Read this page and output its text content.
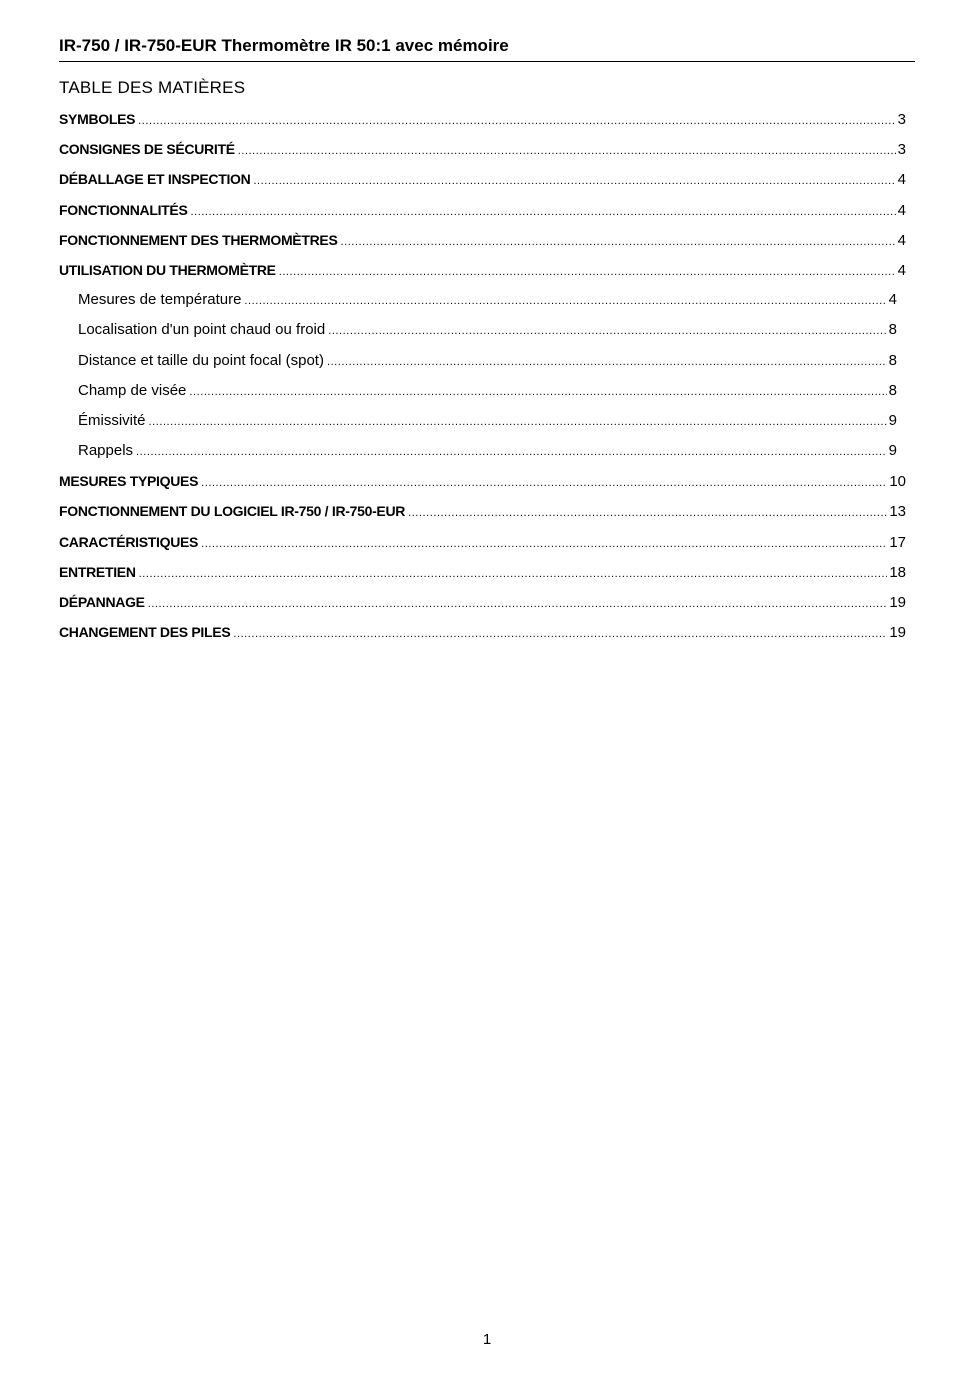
IR-750 / IR-750-EUR Thermomètre IR 50:1 avec mémoire
TABLE DES MATIÈRES
SYMBOLES .....	3
CONSIGNES DE SÉCURITÉ .....	3
DÉBALLAGE ET INSPECTION .....	4
FONCTIONNALITÉS .....	4
FONCTIONNEMENT DES THERMOMÈTRES .....	4
UTILISATION DU THERMOMÈTRE .....	4
Mesures de température .....	4
Localisation d'un point chaud ou froid .....	8
Distance et taille du point focal (spot) .....	8
Champ de visée .....	8
Émissivité .....	9
Rappels .....	9
MESURES TYPIQUES .....	10
FONCTIONNEMENT DU LOGICIEL IR-750 / IR-750-EUR .....	13
CARACTÉRISTIQUES .....	17
ENTRETIEN .....	18
DÉPANNAGE .....	19
CHANGEMENT DES PILES .....	19
1
